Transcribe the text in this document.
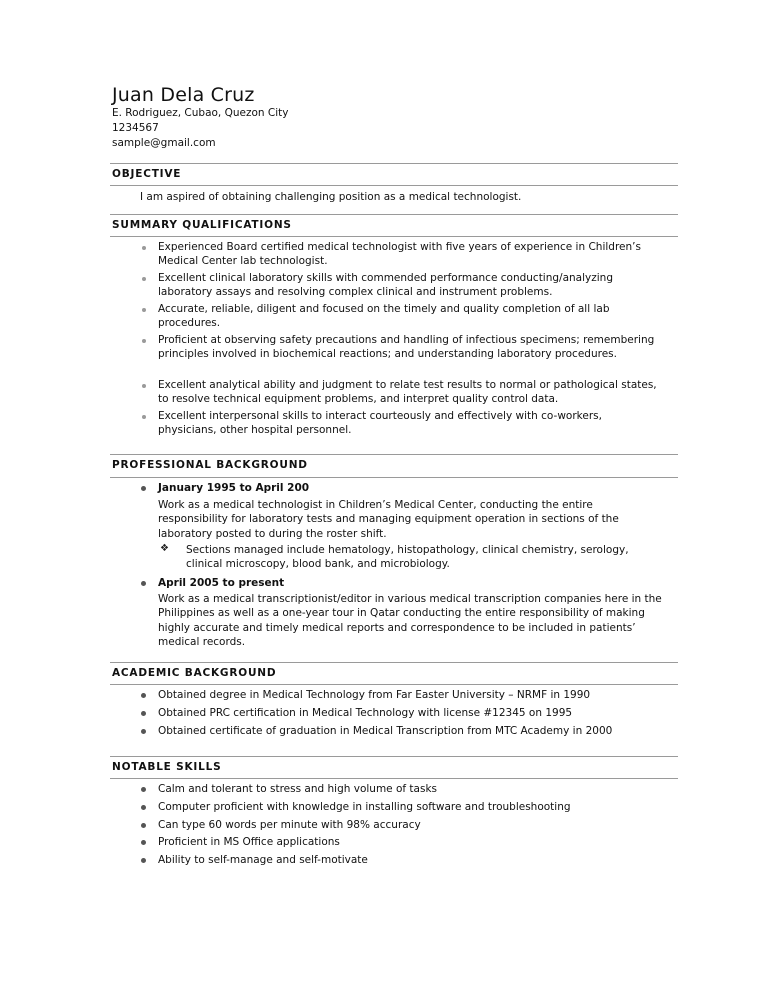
Juan Dela Cruz
E. Rodriguez, Cubao, Quezon City
1234567
sample@gmail.com
OBJECTIVE
I am aspired of obtaining challenging position as a medical technologist.
SUMMARY QUALIFICATIONS

Experienced Board certified medical technologist with five years of experience in Children’s Medical Center lab technologist.

Excellent clinical laboratory skills with commended performance conducting/analyzing laboratory assays and resolving complex clinical and instrument problems.

Accurate, reliable, diligent and focused on the timely and quality completion of all lab procedures.

Proficient at observing safety precautions and handling of infectious specimens; remembering principles involved in biochemical reactions; and understanding laboratory procedures.

Excellent analytical ability and judgment to relate test results to normal or pathological states, to resolve technical equipment problems, and interpret quality control data.

Excellent interpersonal skills to interact courteously and effectively with co-workers, physicians, other hospital personnel.

PROFESSIONAL BACKGROUND
January 1995 to April 200

Work as a medical technologist in Children’s Medical Center, conducting the entire responsibility for laboratory tests and managing equipment operation in sections of the laboratory posted to during the roster shift.

❖ Sections managed include hematology, histopathology, clinical chemistry, serology, clinical microscopy, blood bank, and microbiology.

April 2005 to present

Work as a medical transcriptionist/editor in various medical transcription companies here in the Philippines as well as a one-year tour in Qatar conducting the entire responsibility of making highly accurate and timely medical reports and correspondence to be included in patients’ medical records.

ACADEMIC BACKGROUND
Obtained degree in Medical Technology from Far Easter University – NRMF in 1990
Obtained PRC certification in Medical Technology with license #12345 on 1995
Obtained certificate of graduation in Medical Transcription from MTC Academy in 2000
NOTABLE SKILLS
Calm and tolerant to stress and high volume of tasks
Computer proficient with knowledge in installing software and troubleshooting
Can type 60 words per minute with 98% accuracy
Proficient in MS Office applications
Ability to self-manage and self-motivate
